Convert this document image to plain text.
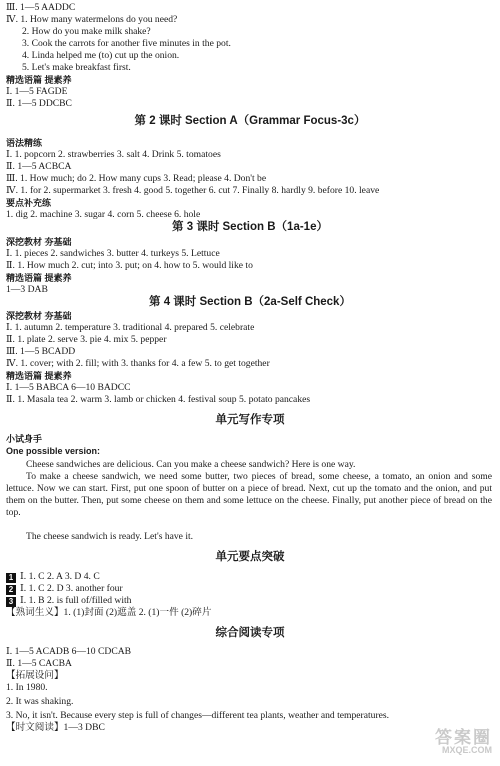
Ⅲ. 1—5 AADDC
Ⅳ. 1. How many watermelons do you need?
2. How do you make milk shake?
3. Cook the carrots for another five minutes in the pot.
4. Linda helped me (to) cut up the onion.
5. Let's make breakfast first.
精选语篇 提素养
Ⅰ. 1—5 FAGDE
Ⅱ. 1—5 DDCBC
语法精练
Ⅰ. 1. popcorn 2. strawberries 3. salt 4. Drink 5. tomatoes
Ⅱ. 1—5 ACBCA
Ⅲ. 1. How much; do 2. How many cups 3. Read; please 4. Don't be
Ⅳ. 1. for 2. supermarket 3. fresh 4. good 5. together 6. cut 7. Finally 8. hardly 9. before 10. leave
要点补充练
1. dig 2. machine 3. sugar 4. corn 5. cheese 6. hole
深挖教材 夯基础
Ⅰ. 1. pieces 2. sandwiches 3. butter 4. turkeys 5. Lettuce
Ⅱ. 1. How much 2. cut; into 3. put; on 4. how to 5. would like to
精选语篇 提素养
1—3 DAB
深挖教材 夯基础
Ⅰ. 1. autumn 2. temperature 3. traditional 4. prepared 5. celebrate
Ⅱ. 1. plate 2. serve 3. pie 4. mix 5. pepper
Ⅲ. 1—5 BCADD
Ⅳ. 1. cover; with 2. fill; with 3. thanks for 4. a few 5. to get together
精选语篇 提素养
Ⅰ. 1—5 BABCA 6—10 BADCC
Ⅱ. 1. Masala tea 2. warm 3. lamb or chicken 4. festival soup 5. potato pancakes
小试身手
One possible version:
1 Ⅰ. 1. C 2. A 3. D 4. C
2 Ⅰ. 1. C 2. D 3. another four
3 Ⅰ. 1. B 2. is full of/filled with
【熟词生义】1. (1)封面 (2)遮盖 2. (1)一件 (2)碎片
Ⅰ. 1—5 ACADB 6—10 CDCAB
Ⅱ. 1—5 CACBA
【拓展设问】
1. In 1980.
2. It was shaking.
3. No, it isn't. Because every step is full of changes—different tea plants, weather and temperatures.
【时文阅读】1—3 DBC
第 2 课时 Section A（Grammar Focus-3c）
第 3 课时 Section B（1a-1e）
第 4 课时 Section B（2a-Self Check）
单元写作专项
单元要点突破
综合阅读专项
Cheese sandwiches are delicious. Can you make a cheese sandwich? Here is one way.
To make a cheese sandwich, we need some butter, two pieces of bread, some cheese, a tomato, an onion and some lettuce. Now we can start. First, put one spoon of butter on a piece of bread. Next, cut up the tomato and the onion, and put them on the butter. Then, put some cheese on them and some lettuce on the cheese. Finally, put another piece of bread on the top.
The cheese sandwich is ready. Let's have it.
答案圈
MXQE.COM
